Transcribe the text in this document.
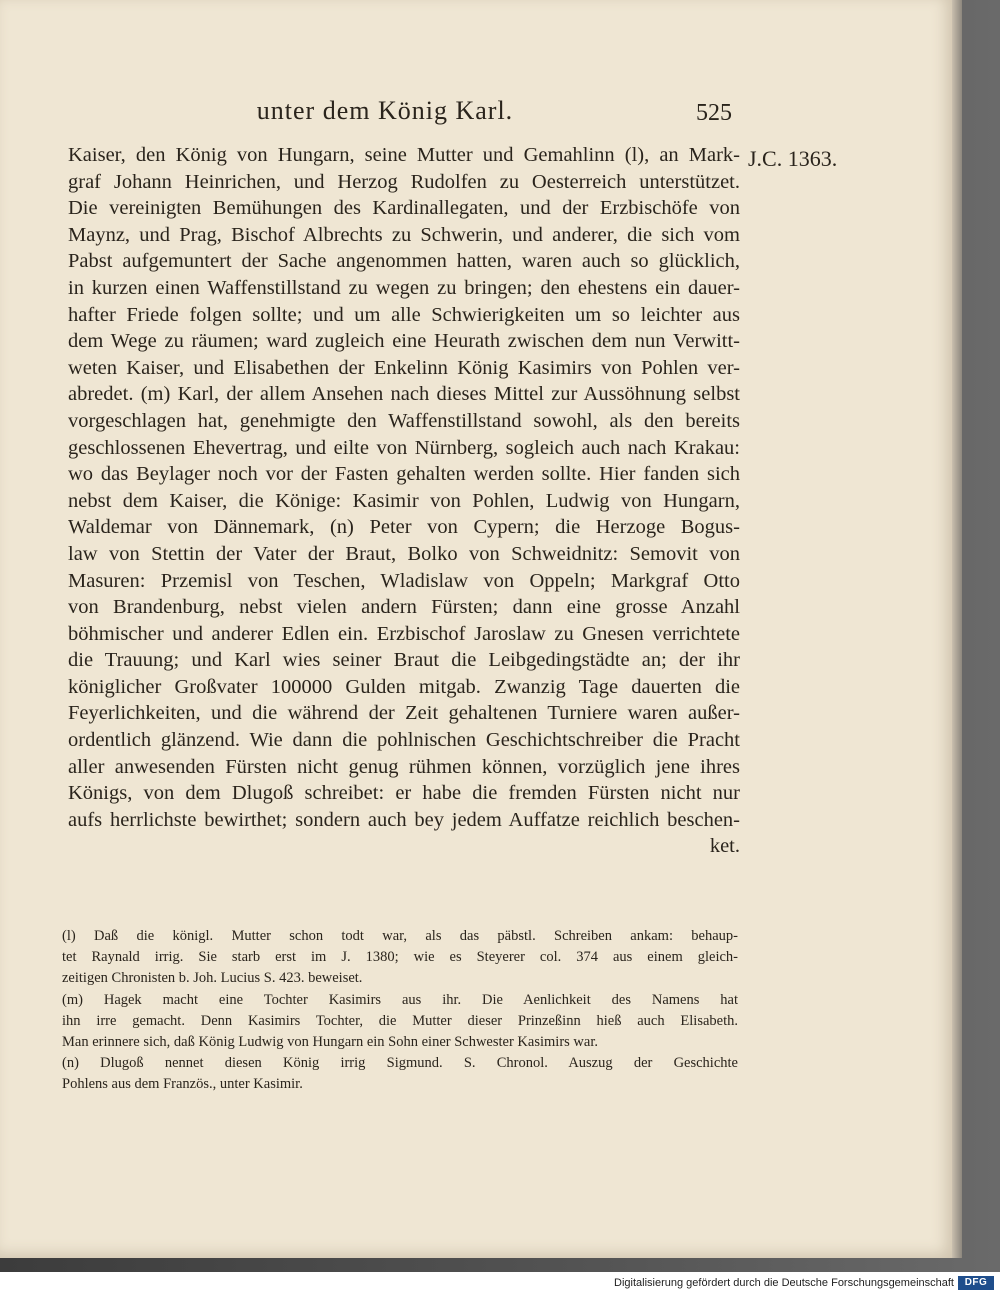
unter dem König Karl.	525
J.C. 1363.
Kaiser, den König von Hungarn, seine Mutter und Gemahlinn (l), an Mark-
graf Johann Heinrichen, und Herzog Rudolfen zu Oesterreich unterstützet.
Die vereinigten Bemühungen des Kardinallegaten, und der Erzbischöfe von
Maynz, und Prag, Bischof Albrechts zu Schwerin, und anderer, die sich vom
Pabst aufgemuntert der Sache angenommen hatten, waren auch so glücklich,
in kurzen einen Waffenstillstand zu wegen zu bringen; den ehestens ein dauer-
hafter Friede folgen sollte; und um alle Schwierigkeiten um so leichter aus
dem Wege zu räumen; ward zugleich eine Heurath zwischen dem nun Verwitt-
weten Kaiser, und Elisabethen der Enkelinn König Kasimirs von Pohlen ver-
abredet. (m) Karl, der allem Ansehen nach dieses Mittel zur Aussöhnung selbst
vorgeschlagen hat, genehmigte den Waffenstillstand sowohl, als den bereits
geschlossenen Ehevertrag, und eilte von Nürnberg, sogleich auch nach Krakau:
wo das Beylager noch vor der Fasten gehalten werden sollte. Hier fanden sich
nebst dem Kaiser, die Könige: Kasimir von Pohlen, Ludwig von Hungarn,
Waldemar von Dännemark, (n) Peter von Cypern; die Herzoge Bogus-
law von Stettin der Vater der Braut, Bolko von Schweidnitz: Semovit von
Masuren: Przemisl von Teschen, Wladislaw von Oppeln; Markgraf Otto
von Brandenburg, nebst vielen andern Fürsten; dann eine grosse Anzahl
böhmischer und anderer Edlen ein. Erzbischof Jaroslaw zu Gnesen verrichtete
die Trauung; und Karl wies seiner Braut die Leibgedingstädte an; der ihr
königlicher Großvater 100000 Gulden mitgab. Zwanzig Tage dauerten die
Feyerlichkeiten, und die während der Zeit gehaltenen Turniere waren außer-
ordentlich glänzend. Wie dann die pohlnischen Geschichtschreiber die Pracht
aller anwesenden Fürsten nicht genug rühmen können, vorzüglich jene ihres
Königs, von dem Dlugoß schreibet: er habe die fremden Fürsten nicht nur
aufs herrlichste bewirthet; sondern auch bey jedem Auffatze reichlich beschen-
ket.
(l) Daß die königl. Mutter schon todt war, als das päbstl. Schreiben ankam: behaup-
tet Raynald irrig. Sie starb erst im J. 1380; wie es Steyerer col. 374 aus einem gleich-
zeitigen Chronisten b. Joh. Lucius S. 423. beweiset.
(m) Hagek macht eine Tochter Kasimirs aus ihr. Die Aenlichkeit des Namens hat
ihn irre gemacht. Denn Kasimirs Tochter, die Mutter dieser Prinzeßinn hieß auch Elisabeth.
Man erinnere sich, daß König Ludwig von Hungarn ein Sohn einer Schwester Kasimirs war.
(n) Dlugoß nennet diesen König irrig Sigmund. S. Chronol. Auszug der Geschichte
Pohlens aus dem Französ., unter Kasimir.
Digitalisierung gefördert durch die Deutsche Forschungsgemeinschaft	DFG
